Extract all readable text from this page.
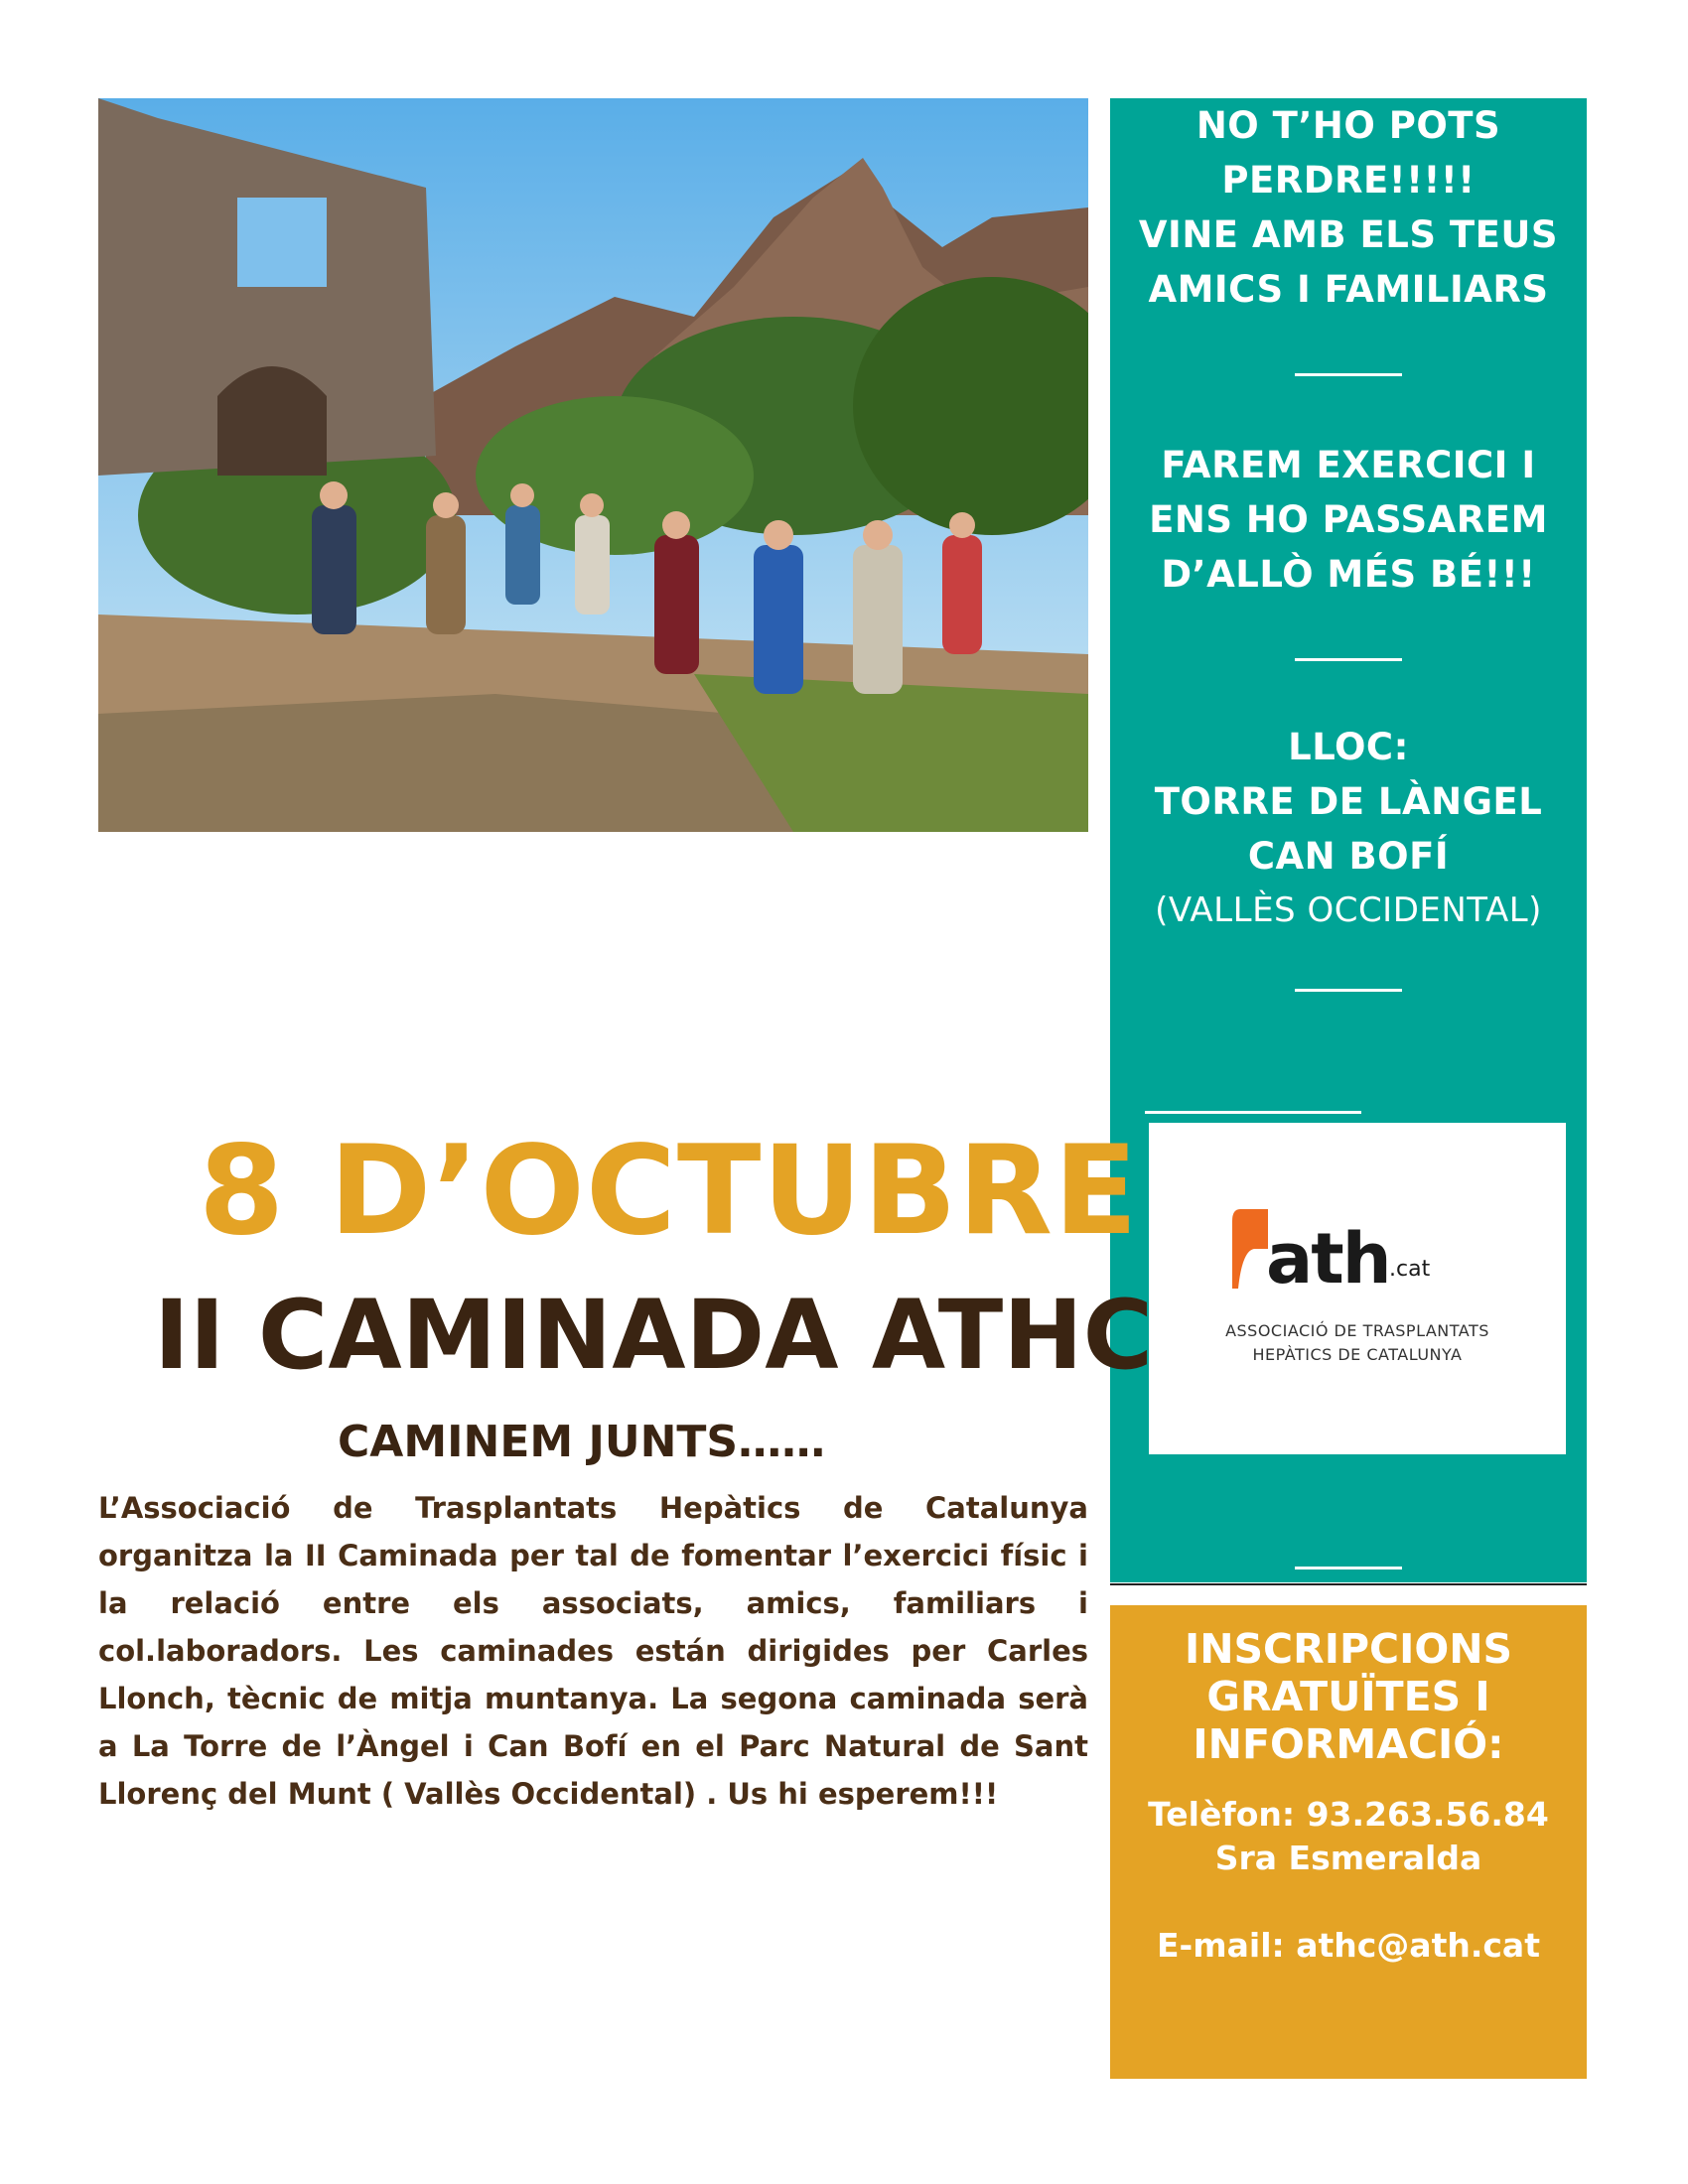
NO T’HO POTS
PERDRE!!!!!
VINE AMB ELS TEUS
AMICS I FAMILIARS
FAREM EXERCICI I
ENS HO PASSAREM
D’ALLÒ MÉS BÉ!!!
LLOC:
TORRE DE LÀNGEL
CAN BOFÍ
(VALLÈS OCCIDENTAL)
ath .cat
ASSOCIACIÓ DE TRASPLANTATS
HEPÀTICS DE CATALUNYA
INSCRIPCIONS
GRATUÏTES I
INFORMACIÓ:
Telèfon: 93.263.56.84
Sra Esmeralda
E-mail: athc@ath.cat
8 D’OCTUBRE
II CAMINADA ATHC
CAMINEM JUNTS……
L’Associació de Trasplantats Hepàtics de Catalunya organitza la II Caminada per tal de fomentar l’exercici físic i la relació entre els associats, amics, familiars i col.laboradors. Les caminades están dirigides per Carles Llonch, tècnic de mitja muntanya. La segona caminada serà a La Torre de l’Àngel i Can Bofí en el Parc Natural de Sant Llorenç del Munt ( Vallès Occidental) . Us hi esperem!!!
